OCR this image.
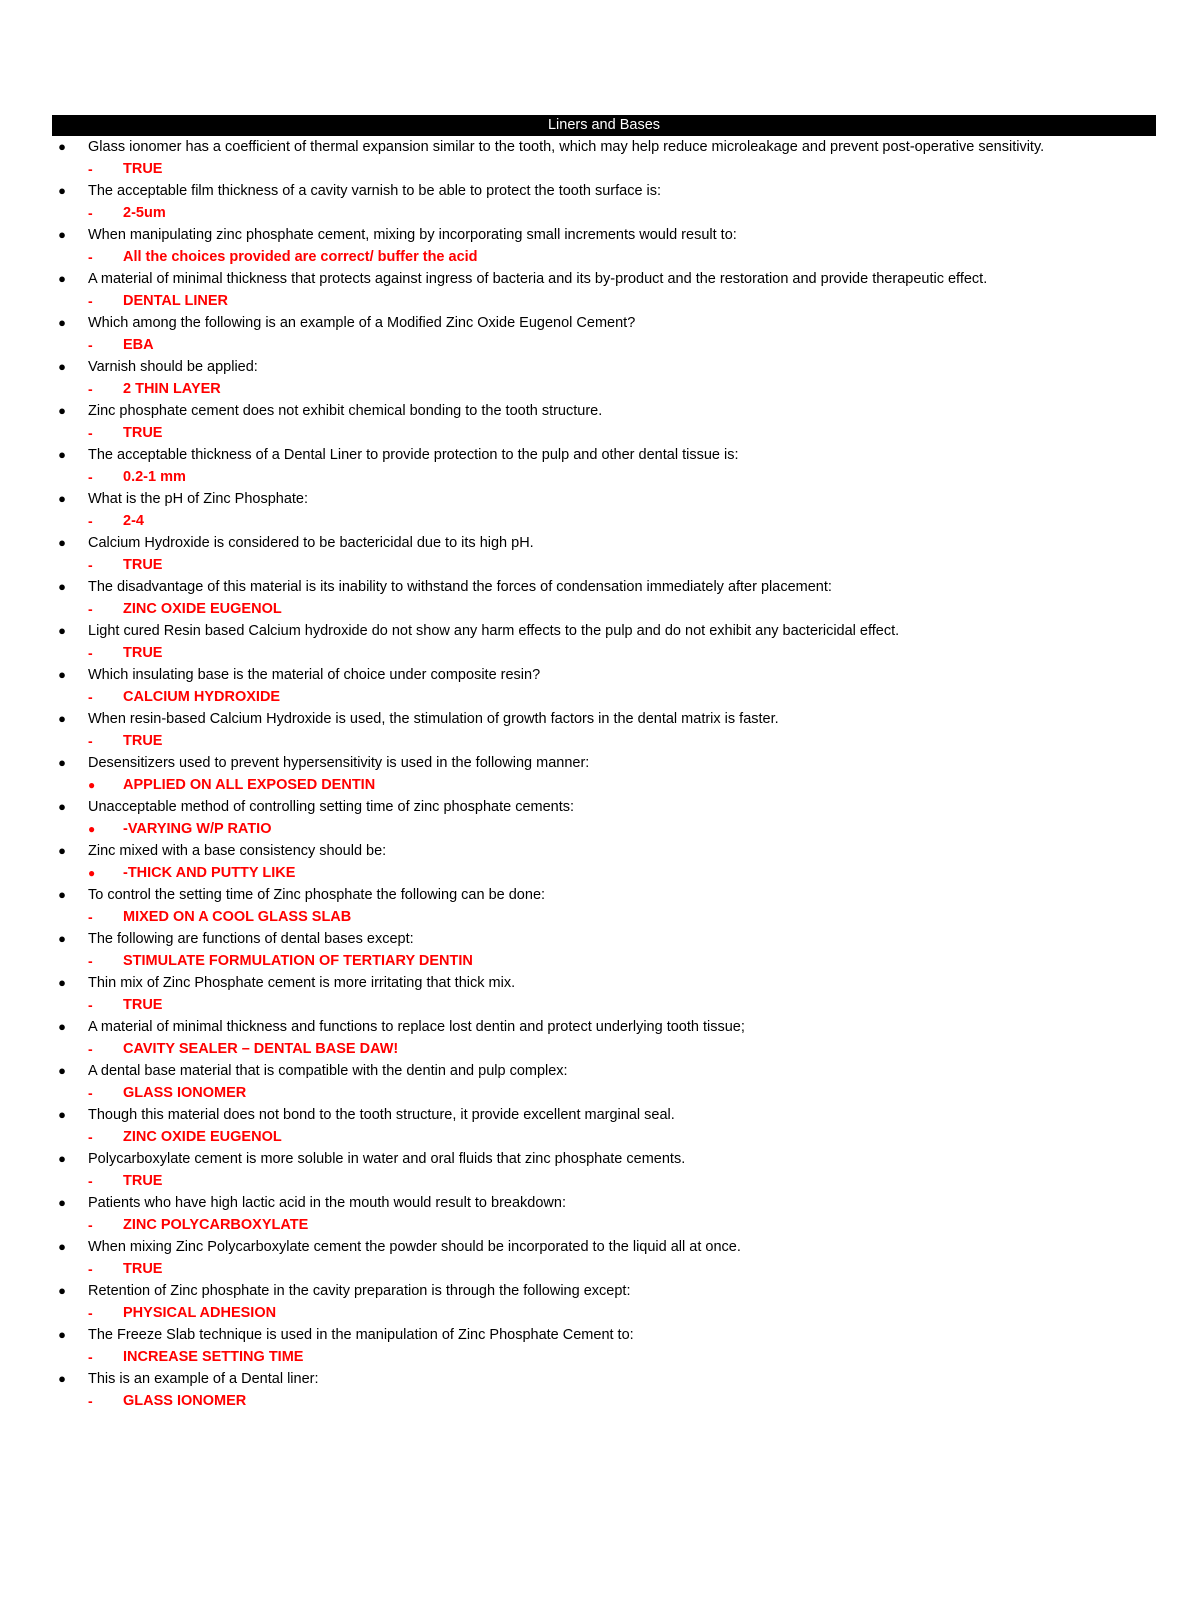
Liners and Bases
●	Glass ionomer has a coefficient of thermal expansion similar to the tooth, which may help reduce microleakage and prevent post-operative sensitivity.
-	TRUE
●	The acceptable film thickness of a cavity varnish to be able to protect the tooth surface is:
-	2-5um
●	When manipulating zinc phosphate cement, mixing by incorporating small increments would result to:
-	All the choices provided are correct/ buffer the acid
●	A material of minimal thickness that protects against ingress of bacteria and its by-product and the restoration and provide therapeutic effect.
-	DENTAL LINER
●	Which among the following is an example of a Modified Zinc Oxide Eugenol Cement?
-	EBA
●	Varnish should be applied:
-	2 THIN LAYER
●	Zinc phosphate cement does not exhibit chemical bonding to the tooth structure.
-	TRUE
●	The acceptable thickness of a Dental Liner to provide protection to the pulp and other dental tissue is:
-	0.2-1 mm
●	What is the pH of Zinc Phosphate:
-	2-4
●	Calcium Hydroxide is considered to be bactericidal due to its high pH.
-	TRUE
●	The disadvantage of this material is its inability to withstand the forces of condensation immediately after placement:
-	ZINC OXIDE EUGENOL
●	Light cured Resin based Calcium hydroxide do not show any harm effects to the pulp and do not exhibit any bactericidal effect.
-	TRUE
●	Which insulating base is the material of choice under composite resin?
-	CALCIUM HYDROXIDE
●	When resin-based Calcium Hydroxide is used, the stimulation of growth factors in the dental matrix is faster.
-	TRUE
●	Desensitizers used to prevent hypersensitivity is used in the following manner:
●	APPLIED ON ALL EXPOSED DENTIN
●	Unacceptable method of controlling setting time of zinc phosphate cements:
●	-VARYING W/P RATIO
●	Zinc mixed with a base consistency should be:
●	-THICK AND PUTTY LIKE
●	To control the setting time of Zinc phosphate the following can be done:
-	MIXED ON A COOL GLASS SLAB
●	The following are functions of dental bases except:
-	STIMULATE FORMULATION OF TERTIARY DENTIN
●	Thin mix of Zinc Phosphate cement is more irritating that thick mix.
-	TRUE
●	A material of minimal thickness and functions to replace lost dentin and protect underlying tooth tissue;
-	CAVITY SEALER – DENTAL BASE DAW!
●	A dental base material that is compatible with the dentin and pulp complex:
-	GLASS IONOMER
●	Though this material does not bond to the tooth structure, it provide excellent marginal seal.
-	ZINC OXIDE EUGENOL
●	Polycarboxylate cement is more soluble in water and oral fluids that zinc phosphate cements.
-	TRUE
●	Patients who have high lactic acid in the mouth would result to breakdown:
-	ZINC POLYCARBOXYLATE
●	When mixing Zinc Polycarboxylate cement the powder should be incorporated to the liquid all at once.
-	TRUE
●	Retention of Zinc phosphate in the cavity preparation is through the following except:
-	PHYSICAL ADHESION
●	The Freeze Slab technique is used in the manipulation of Zinc Phosphate Cement to:
-	INCREASE SETTING TIME
●	This is an example of a Dental liner:
-	GLASS IONOMER
